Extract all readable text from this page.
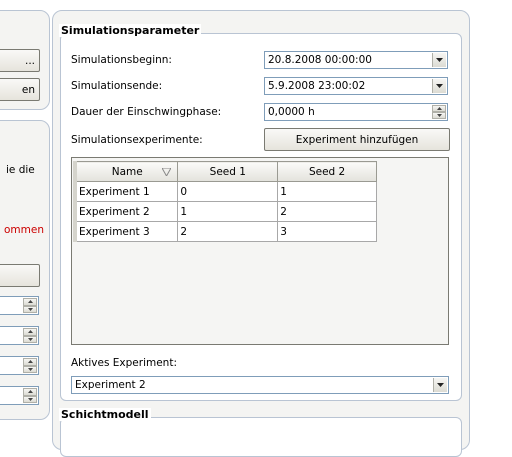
...
en
ie die
ommen
Simulationsparameter
Simulationsbeginn:	20.8.2008 00:00:00
Simulationsende:	5.9.2008 23:00:02
Dauer der Einschwingphase:	0,0000 h
Simulationsexperimente:	Experiment hinzufügen
Name	Seed 1	Seed 2
Experiment 1	0	1
Experiment 2	1	2
Experiment 3	2	3
Aktives Experiment:
Experiment 2
Schichtmodell
